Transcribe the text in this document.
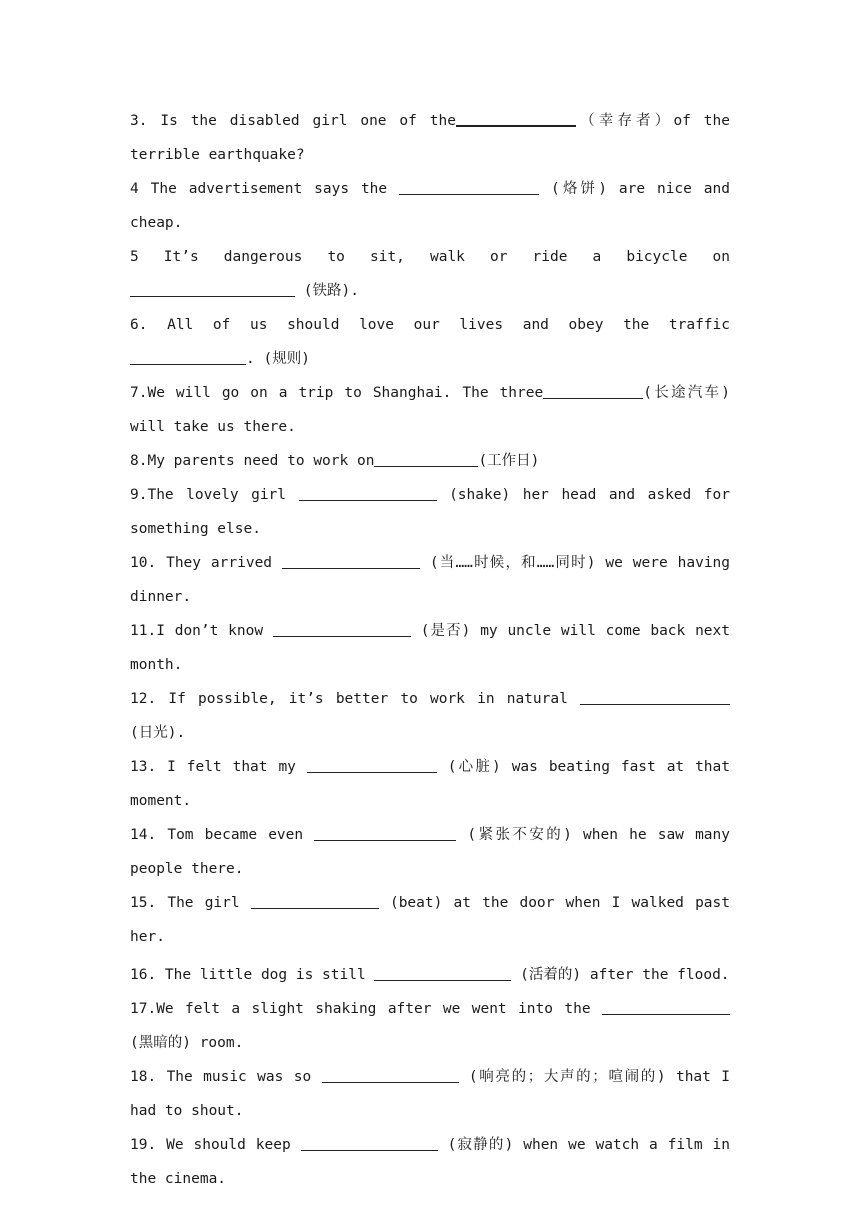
3. Is the disabled girl one of the	（幸存者）of the terrible earthquake?

4 The advertisement says the	(烙饼) are nice and cheap.

5 It’s dangerous to sit, walk or ride a bicycle on  (铁路).

6. All of us should love our lives and obey the traffic . (规则)

7.We will go on a trip to Shanghai. The three	(长途汽车) will take us there.

8.My parents need to work on	(工作日)

9.The lovely girl	(shake) her head and asked for something else.

10. They arrived	(当……时候，和……同时) we were having dinner.

11.I don’t know	(是否) my uncle will come back next month.

12. If possible, it’s better to work in natural  (日光).

13. I felt that my	(心脏) was beating fast at that moment.

14. Tom became even	(紧张不安的) when he saw many people there.

15. The girl	(beat) at the door when I walked past her.

16. The little dog is still	(活着的) after the flood.

17.We felt a slight shaking after we went into the  (黑暗的) room.

18. The music was so	(响亮的；大声的；喧闹的) that I had to shout.

19. We should keep	(寂静的) when we watch a film in the cinema.
